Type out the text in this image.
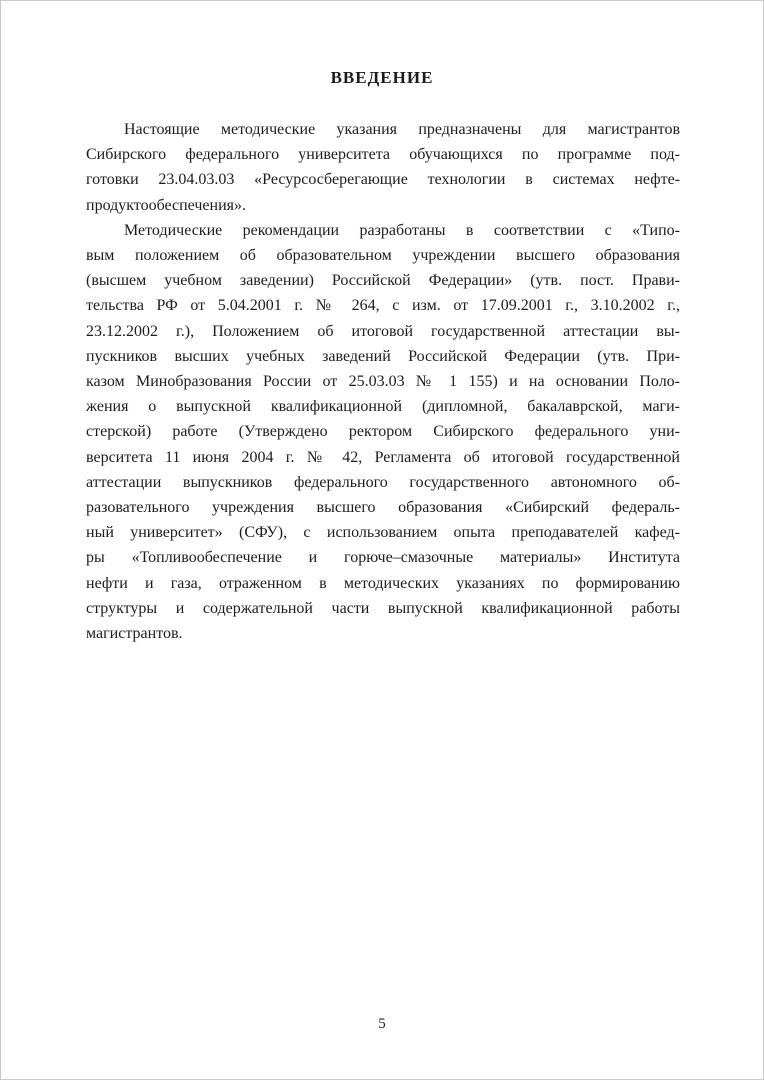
ВВЕДЕНИЕ
Настоящие методические указания предназначены для магистрантов
Сибирского федерального университета обучающихся по программе под-
готовки 23.04.03.03 «Ресурсосберегающие технологии в системах нефте-
продуктообеспечения».
Методические рекомендации разработаны в соответствии с «Типо-
вым положением об образовательном учреждении высшего образования
(высшем учебном заведении) Российской Федерации» (утв. пост. Прави-
тельства РФ от 5.04.2001 г. № 264, с изм. от 17.09.2001 г., 3.10.2002 г.,
23.12.2002 г.), Положением об итоговой государственной аттестации вы-
пускников высших учебных заведений Российской Федерации (утв. При-
казом Минобразования России от 25.03.03 № 1 155) и на основании Поло-
жения о выпускной квалификационной (дипломной, бакалаврской, маги-
стерской) работе (Утверждено ректором Сибирского федерального уни-
верситета 11 июня 2004 г. № 42, Регламента об итоговой государственной
аттестации выпускников федерального государственного автономного об-
разовательного учреждения высшего образования «Сибирский федераль-
ный университет» (СФУ), с использованием опыта преподавателей кафед-
ры «Топливообеспечение и горюче–смазочные материалы» Института
нефти и газа, отраженном в методических указаниях по формированию
структуры и содержательной части выпускной квалификационной работы
магистрантов.
5
